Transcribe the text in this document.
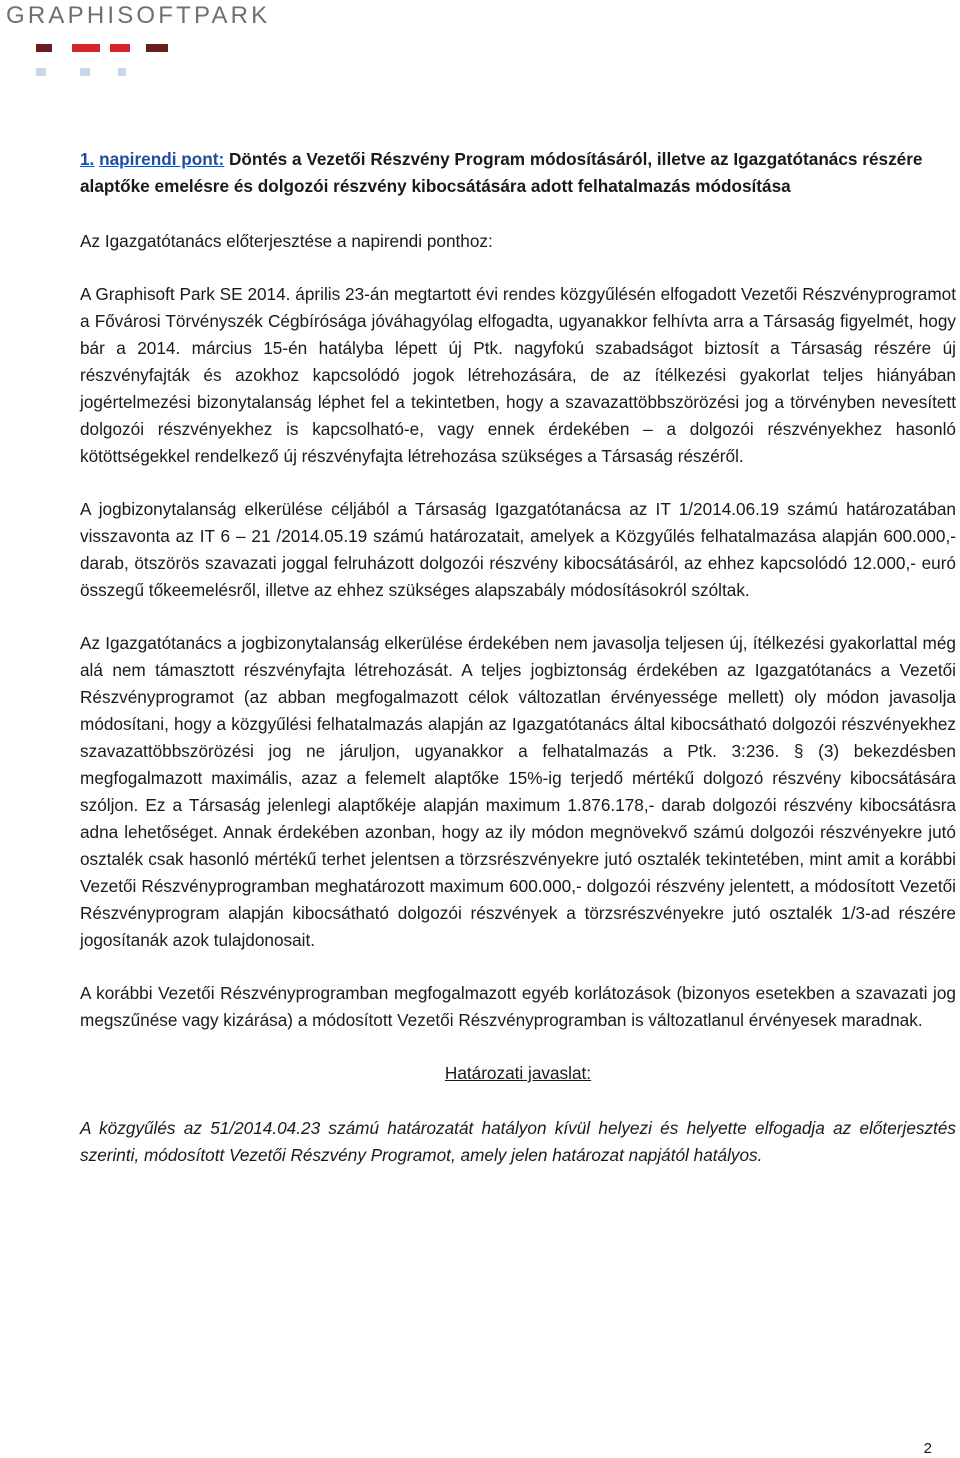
GRAPHISOFTPARK
1. napirendi pont: Döntés a Vezetői Részvény Program módosításáról, illetve az Igazgatótanács részére alaptőke emelésre és dolgozói részvény kibocsátására adott felhatalmazás módosítása

Az Igazgatótanács előterjesztése a napirendi ponthoz:

A Graphisoft Park SE 2014. április 23-án megtartott évi rendes közgyűlésén elfogadott Vezetői Részvényprogramot a Fővárosi Törvényszék Cégbírósága jóváhagyólag elfogadta, ugyanakkor felhívta arra a Társaság figyelmét, hogy bár a 2014. március 15-én hatályba lépett új Ptk. nagyfokú szabadságot biztosít a Társaság részére új részvényfajták és azokhoz kapcsolódó jogok létrehozására, de az ítélkezési gyakorlat teljes hiányában jogértelmezési bizonytalanság léphet fel a tekintetben, hogy a szavazattöbbszörözési jog a törvényben nevesített dolgozói részvényekhez is kapcsolható-e, vagy ennek érdekében – a dolgozói részvényekhez hasonló kötöttségekkel rendelkező új részvényfajta létrehozása szükséges a Társaság részéről.

A jogbizonytalanság elkerülése céljából a Társaság Igazgatótanácsa az IT 1/2014.06.19 számú határozatában visszavonta az IT 6 – 21 /2014.05.19 számú határozatait, amelyek a Közgyűlés felhatalmazása alapján 600.000,- darab, ötszörös szavazati joggal felruházott dolgozói részvény kibocsátásáról, az ehhez kapcsolódó 12.000,- euró összegű tőkeemelésről, illetve az ehhez szükséges alapszabály módosításokról szóltak.

Az Igazgatótanács a jogbizonytalanság elkerülése érdekében nem javasolja teljesen új, ítélkezési gyakorlattal még alá nem támasztott részvényfajta létrehozását. A teljes jogbiztonság érdekében az Igazgatótanács a Vezetői Részvényprogramot (az abban megfogalmazott célok változatlan érvényessége mellett) oly módon javasolja módosítani, hogy a közgyűlési felhatalmazás alapján az Igazgatótanács által kibocsátható dolgozói részvényekhez szavazattöbbszörözési jog ne járuljon, ugyanakkor a felhatalmazás a Ptk. 3:236. § (3) bekezdésben megfogalmazott maximális, azaz a felemelt alaptőke 15%-ig terjedő mértékű dolgozó részvény kibocsátására szóljon. Ez a Társaság jelenlegi alaptőkéje alapján maximum 1.876.178,- darab dolgozói részvény kibocsátásra adna lehetőséget. Annak érdekében azonban, hogy az ily módon megnövekvő számú dolgozói részvényekre jutó osztalék csak hasonló mértékű terhet jelentsen a törzsrészvényekre jutó osztalék tekintetében, mint amit a korábbi Vezetői Részvényprogramban meghatározott maximum 600.000,- dolgozói részvény jelentett, a módosított Vezetői Részvényprogram alapján kibocsátható dolgozói részvények a törzsrészvényekre jutó osztalék 1/3-ad részére jogosítanák azok tulajdonosait.

A korábbi Vezetői Részvényprogramban megfogalmazott egyéb korlátozások (bizonyos esetekben a szavazati jog megszűnése vagy kizárása) a módosított Vezetői Részvényprogramban is változatlanul érvényesek maradnak.

Határozati javaslat:

A közgyűlés az 51/2014.04.23 számú határozatát hatályon kívül helyezi és helyette elfogadja az előterjesztés szerinti, módosított Vezetői Részvény Programot, amely jelen határozat napjától hatályos.

2
